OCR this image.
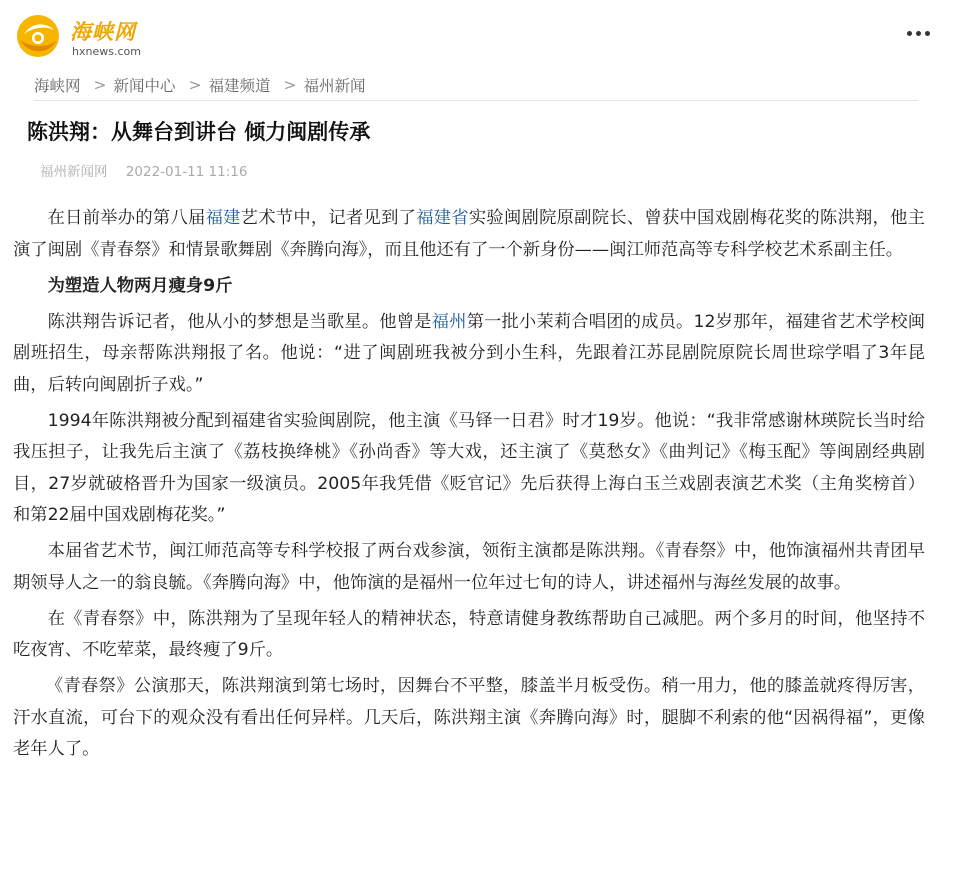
海峡网
hxnews.com
海峡网 > 新闻中心 > 福建频道 > 福州新闻
陈洪翔：从舞台到讲台 倾力闽剧传承
福州新闻网 2022-01-11 11:16

在日前举办的第八届福建艺术节中，记者见到了福建省实验闽剧院原副院长、曾获中国戏剧梅花奖的陈洪翔，他主演了闽剧《青春祭》和情景歌舞剧《奔腾向海》，而且他还有了一个新身份——闽江师范高等专科学校艺术系副主任。

为塑造人物两月瘦身9斤

陈洪翔告诉记者，他从小的梦想是当歌星。他曾是福州第一批小茉莉合唱团的成员。12岁那年，福建省艺术学校闽剧班招生，母亲帮陈洪翔报了名。他说：“进了闽剧班我被分到小生科，先跟着江苏昆剧院原院长周世琮学唱了3年昆曲，后转向闽剧折子戏。”

1994年陈洪翔被分配到福建省实验闽剧院，他主演《马铎一日君》时才19岁。他说：“我非常感谢林瑛院长当时给我压担子，让我先后主演了《荔枝换绛桃》《孙尚香》等大戏，还主演了《莫愁女》《曲判记》《梅玉配》等闽剧经典剧目，27岁就破格晋升为国家一级演员。2005年我凭借《贬官记》先后获得上海白玉兰戏剧表演艺术奖（主角奖榜首）和第22届中国戏剧梅花奖。”

本届省艺术节，闽江师范高等专科学校报了两台戏参演，领衔主演都是陈洪翔。《青春祭》中，他饰演福州共青团早期领导人之一的翁良毓。《奔腾向海》中，他饰演的是福州一位年过七旬的诗人，讲述福州与海丝发展的故事。

在《青春祭》中，陈洪翔为了呈现年轻人的精神状态，特意请健身教练帮助自己减肥。两个多月的时间，他坚持不吃夜宵、不吃荤菜，最终瘦了9斤。

《青春祭》公演那天，陈洪翔演到第七场时，因舞台不平整，膝盖半月板受伤。稍一用力，他的膝盖就疼得厉害，汗水直流，可台下的观众没有看出任何异样。几天后，陈洪翔主演《奔腾向海》时，腿脚不利索的他“因祸得福”，更像老年人了。
